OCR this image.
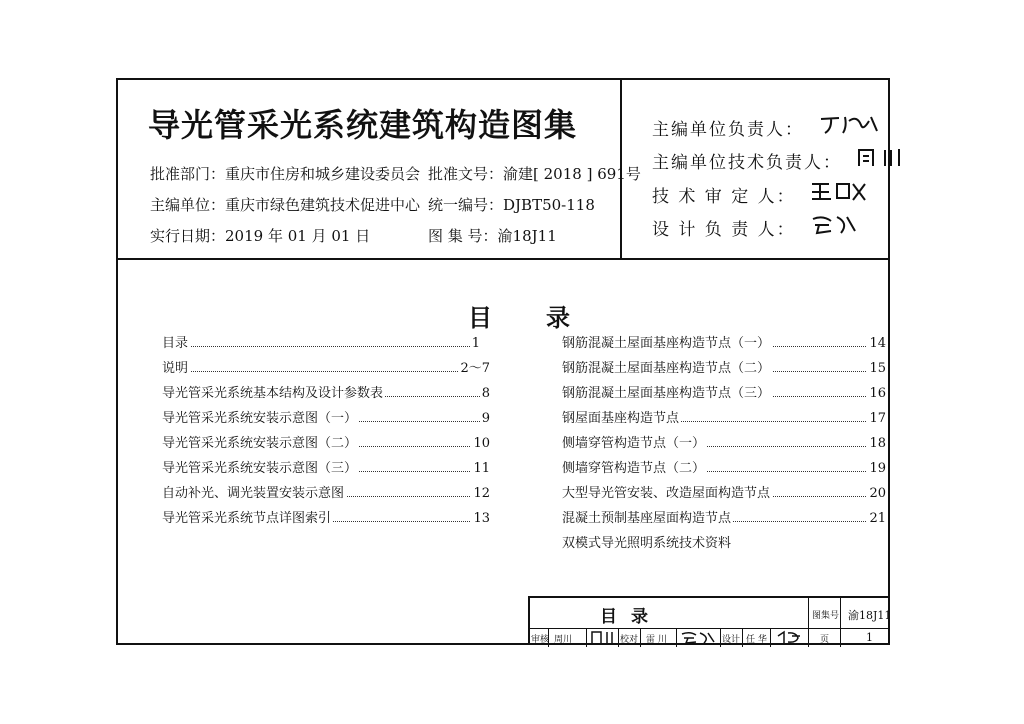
导光管采光系统建筑构造图集
批准部门：重庆市住房和城乡建设委员会
主编单位：重庆市绿色建筑技术促进中心
实行日期：2019 年 01 月 01 日
批准文号：渝建[ 2018 ] 691号
统一编号：DJBT50-118
图 集 号：渝18J11
主编单位负责人：
主编单位技术负责人：
技 术 审 定 人：
设 计 负 责 人：
目录
目录	1
说明	2～7
导光管采光系统基本结构及设计参数表	8
导光管采光系统安装示意图（一）	9
导光管采光系统安装示意图（二）	10
导光管采光系统安装示意图（三）	11
自动补光、调光装置安装示意图	12
导光管采光系统节点详图索引	13
钢筋混凝土屋面基座构造节点（一）	14
钢筋混凝土屋面基座构造节点（二）	15
钢筋混凝土屋面基座构造节点（三）	16
钢屋面基座构造节点	17
侧墙穿管构造节点（一）	18
侧墙穿管构造节点（二）	19
大型导光管安装、改造屋面构造节点	20
混凝土预制基座屋面构造节点	21
双模式导光照明系统技术资料
目录	图集号 渝18J11
审核 周川	校对 雷 川	设计 任 华	页	1
